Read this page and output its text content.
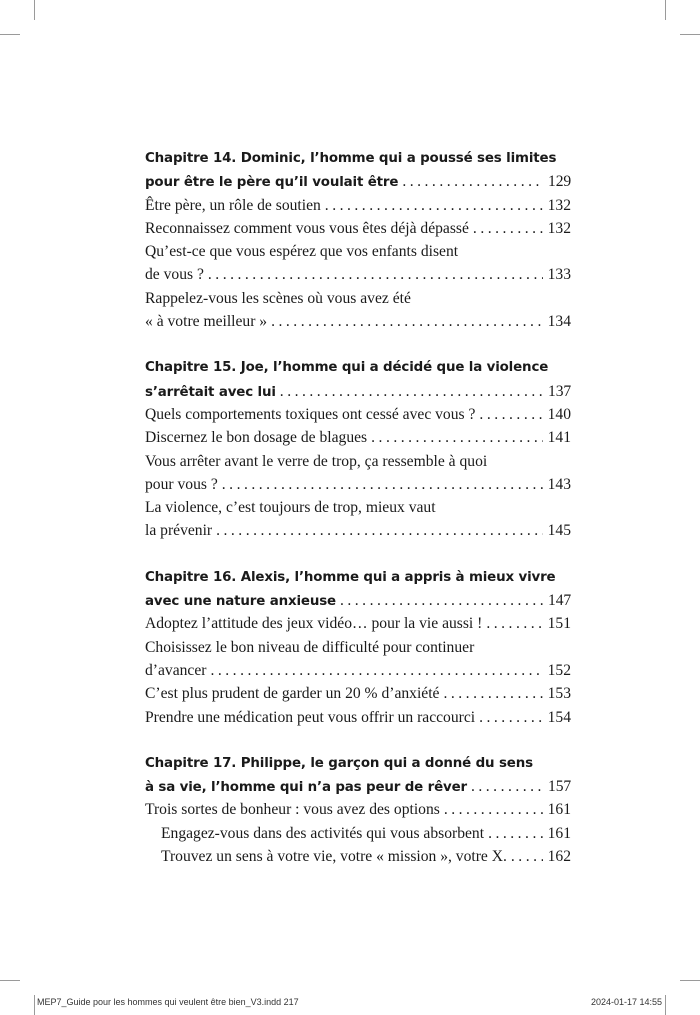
Chapitre 14. Dominic, l’homme qui a poussé ses limites
pour être le père qu’il voulait être .....	129
Être père, un rôle de soutien .....	132
Reconnaissez comment vous vous êtes déjà dépassé .....	132
Qu’est-ce que vous espérez que vos enfants disent
de vous ? .....	133
Rappelez-vous les scènes où vous avez été
« à votre meilleur » .....	134
Chapitre 15. Joe, l’homme qui a décidé que la violence
s’arrêtait avec lui .....	137
Quels comportements toxiques ont cessé avec vous ? .....	140
Discernez le bon dosage de blagues .....	141
Vous arrêter avant le verre de trop, ça ressemble à quoi
pour vous ? .....	143
La violence, c’est toujours de trop, mieux vaut
la prévenir .....	145
Chapitre 16. Alexis, l’homme qui a appris à mieux vivre
avec une nature anxieuse .....	147
Adoptez l’attitude des jeux vidéo… pour la vie aussi ! .....	151
Choisissez le bon niveau de difficulté pour continuer
d’avancer .....	152
C’est plus prudent de garder un 20 % d’anxiété .....	153
Prendre une médication peut vous offrir un raccourci .....	154
Chapitre 17. Philippe, le garçon qui a donné du sens
à sa vie, l’homme qui n’a pas peur de rêver .....	157
Trois sortes de bonheur : vous avez des options .....	161
Engagez-vous dans des activités qui vous absorbent .....	161
Trouvez un sens à votre vie, votre « mission », votre X. .....	162
MEP7_Guide pour les hommes qui veulent être bien_V3.indd 217	2024-01-17 14:55
